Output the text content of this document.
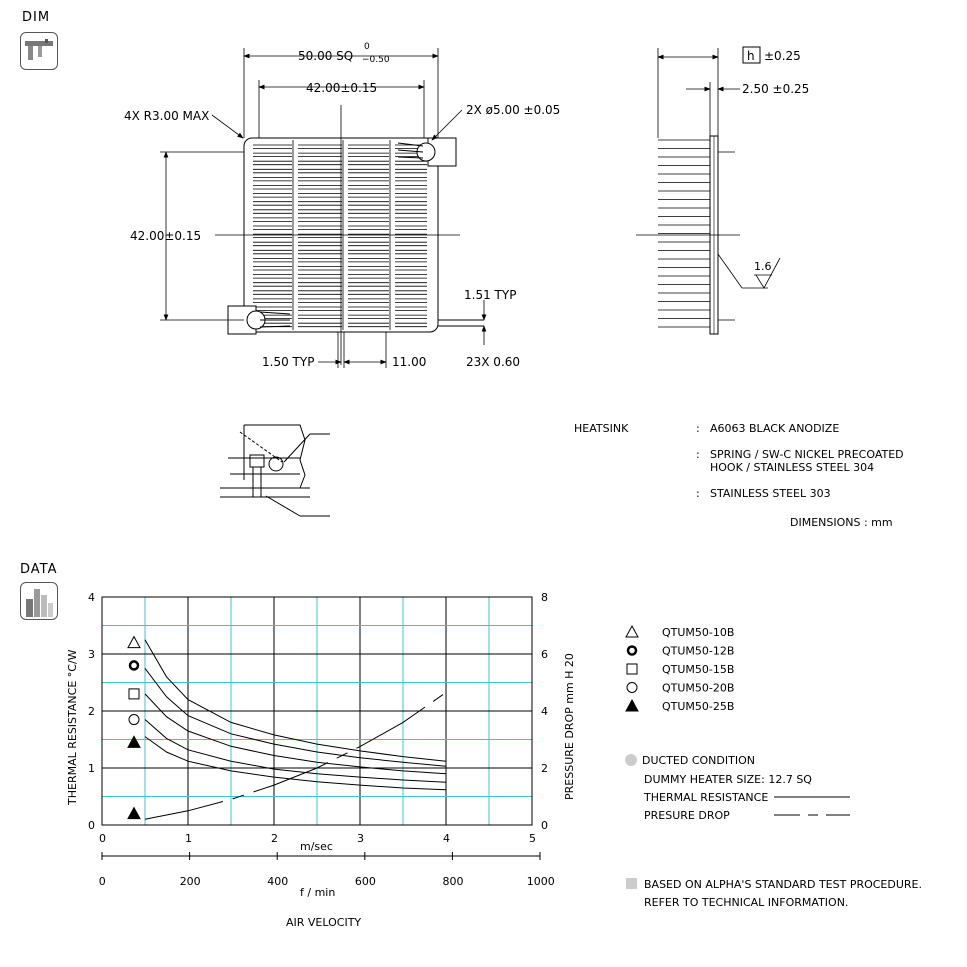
DIM
DATA
50.00 SQ
0
−0.50
42.00±0.15
4X R3.00 MAX	2X ø5.00 ±0.05
42.00±0.15
1.51 TYP
23X 0.60
1.50 TYP	11.00
h ±0.25
2.50 ±0.25
1.6
HEATSINK	: A6063 BLACK ANODIZE
: SPRING / SW-C NICKEL PRECOATED
HOOK / STAINLESS STEEL 304
: STAINLESS STEEL 303
DIMENSIONS : mm
0	1	2	3	4	5
0	200	400	600	800	1000
0
1
2
3
4
0
2
4
6
8
m/sec
f / min
AIR VELOCITY
THERMAL RESISTANCE °C/W	PRESSURE DROP mm H 20
QTUM50-10B
QTUM50-12B
QTUM50-15B
QTUM50-20B
QTUM50-25B
DUCTED CONDITION
DUMMY HEATER SIZE: 12.7 SQ
THERMAL RESISTANCE
PRESURE DROP
BASED ON ALPHA'S STANDARD TEST PROCEDURE.
REFER TO TECHNICAL INFORMATION.
